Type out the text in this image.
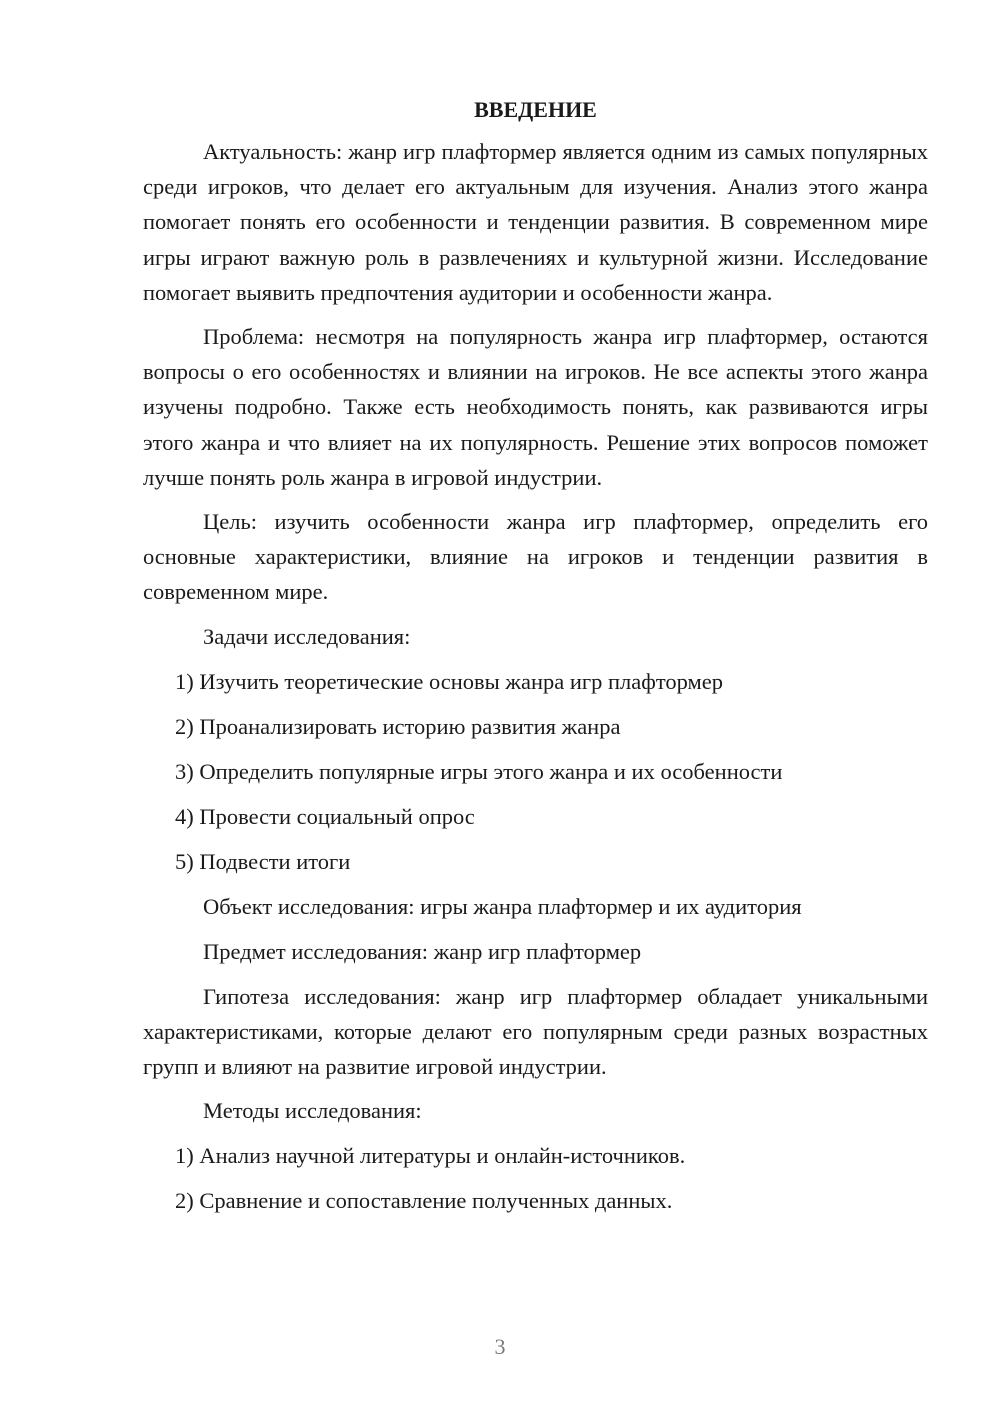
ВВЕДЕНИЕ

Актуальность: жанр игр плафтормер является одним из самых популярных среди игроков, что делает его актуальным для изучения. Анализ этого жанра помогает понять его особенности и тенденции развития. В современном мире игры играют важную роль в развлечениях и культурной жизни. Исследование помогает выявить предпочтения аудитории и особенности жанра.

Проблема: несмотря на популярность жанра игр плафтормер, остаются вопросы о его особенностях и влиянии на игроков. Не все аспекты этого жанра изучены подробно. Также есть необходимость понять, как развиваются игры этого жанра и что влияет на их популярность. Решение этих вопросов поможет лучше понять роль жанра в игровой индустрии.

Цель: изучить особенности жанра игр плафтормер, определить его основные характеристики, влияние на игроков и тенденции развития в современном мире.

Задачи исследования:
1) Изучить теоретические основы жанра игр плафтормер
2) Проанализировать историю развития жанра
3) Определить популярные игры этого жанра и их особенности
4) Провести социальный опрос
5) Подвести итоги
Объект исследования: игры жанра плафтормер и их аудитория
Предмет исследования: жанр игр плафтормер

Гипотеза исследования: жанр игр плафтормер обладает уникальными характеристиками, которые делают его популярным среди разных возрастных групп и влияют на развитие игровой индустрии.

Методы исследования:
1) Анализ научной литературы и онлайн-источников.
2) Сравнение и сопоставление полученных данных.
3
